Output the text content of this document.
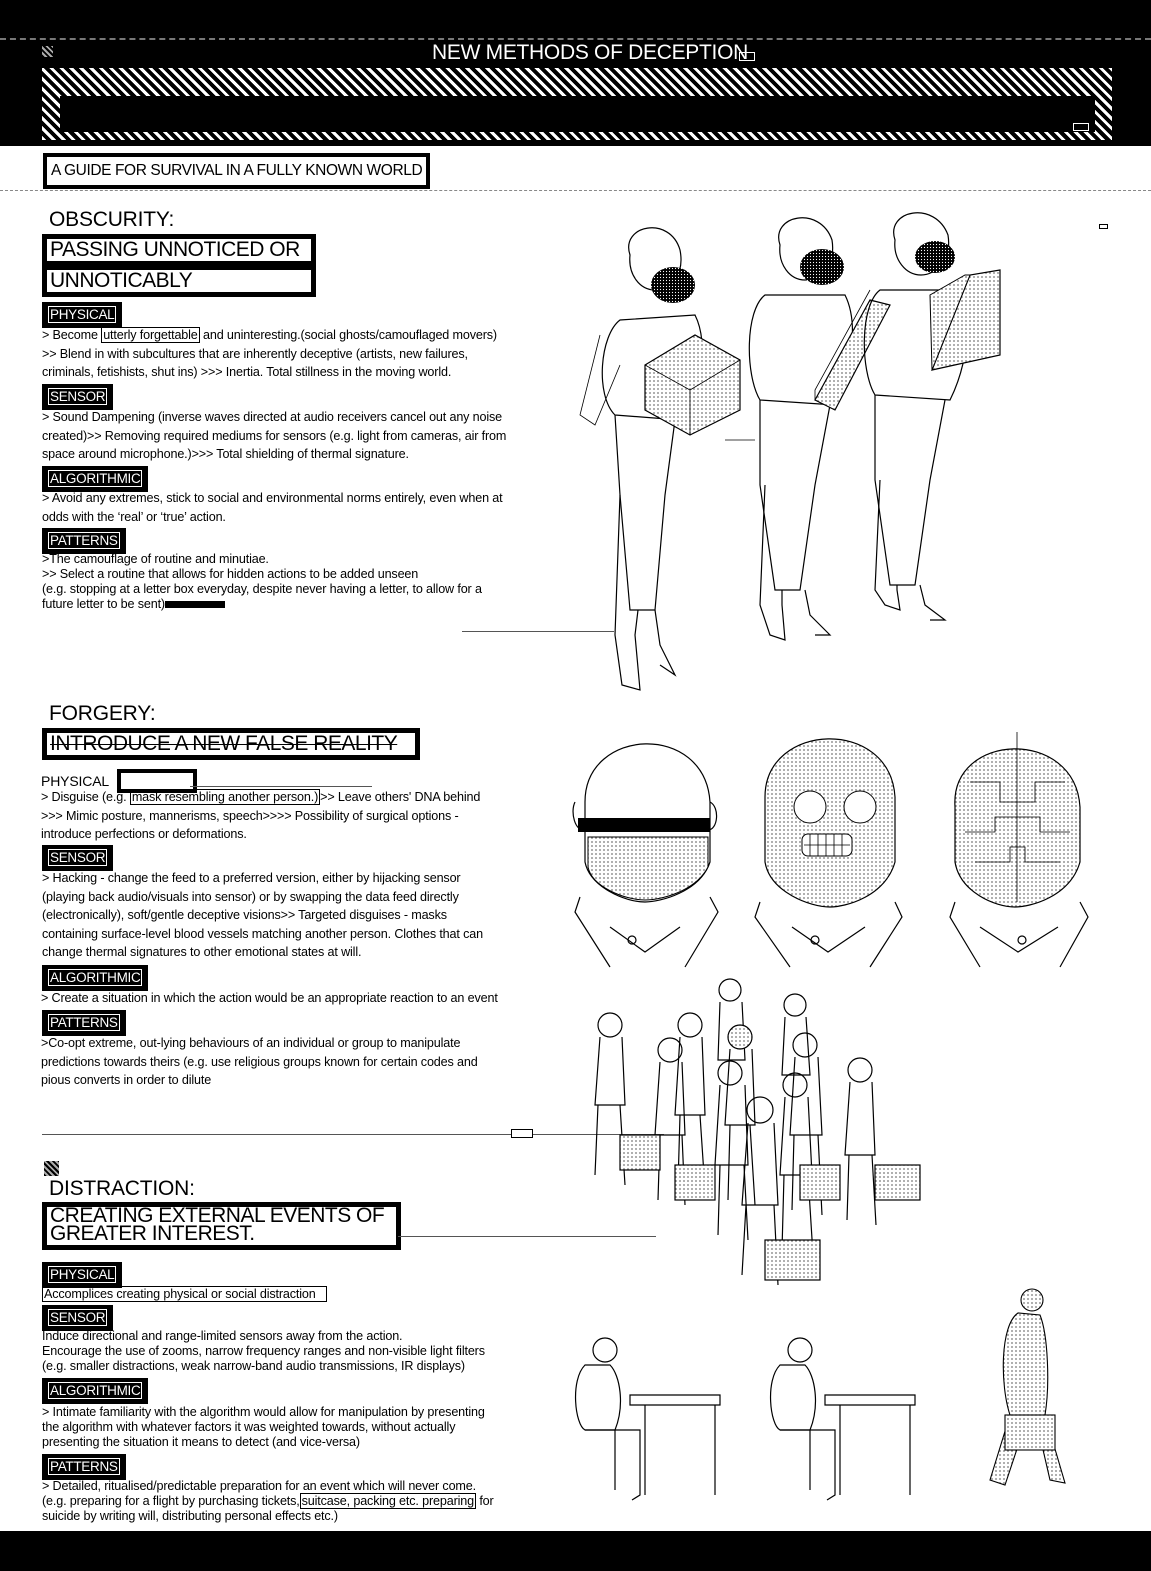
NEW METHODS OF DECEPTION
A GUIDE FOR SURVIVAL IN A FULLY KNOWN WORLD
OBSCURITY:
PASSING UNNOTICED OR
UNNOTICABLY
PHYSICAL
> Become utterly forgettable and uninteresting.(social ghosts/camouflaged movers)
>> Blend in with subcultures that are inherently deceptive (artists, new failures,
criminals, fetishists, shut ins) >>> Inertia. Total stillness in the moving world.
SENSOR
> Sound Dampening (inverse waves directed at audio receivers cancel out any noise
created)>> Removing required mediums for sensors (e.g. light from cameras, air from
space around microphone.)>>> Total shielding of thermal signature.
ALGORITHMIC
> Avoid any extremes, stick to social and environmental norms entirely, even when at
odds with the ‘real’ or ‘true’ action.
PATTERNS
>The camouflage of routine and minutiae.
>> Select a routine that allows for hidden actions to be added unseen
(e.g. stopping at a letter box everyday, despite never having a letter, to allow for a
future letter to be sent)
FORGERY:
INTRODUCE A NEW FALSE REALITY
PHYSICAL
> Disguise (e.g. mask resembling another person.) >> Leave others' DNA behind
>>> Mimic posture, mannerisms, speech>>>> Possibility of surgical options -
introduce perfections or deformations.
SENSOR
> Hacking - change the feed to a preferred version, either by hijacking sensor
(playing back audio/visuals into sensor) or by swapping the data feed directly
(electronically), soft/gentle deceptive visions>> Targeted disguises - masks
containing surface-level blood vessels matching another person. Clothes that can
change thermal signatures to other emotional states at will.
ALGORITHMIC
> Create a situation in which the action would be an appropriate reaction to an event
PATTERNS
>Co-opt extreme, out-lying behaviours of an individual or group to manipulate
predictions towards theirs (e.g. use religious groups known for certain codes and
pious converts in order to dilute
DISTRACTION:
CREATING EXTERNAL EVENTS OF
GREATER INTEREST.
PHYSICAL
Accomplices creating physical or social distraction
SENSOR
Induce directional and range-limited sensors away from the action.
Encourage the use of zooms, narrow frequency ranges and non-visible light filters
(e.g. smaller distractions, weak narrow-band audio transmissions, IR displays)
ALGORITHMIC
> Intimate familiarity with the algorithm would allow for manipulation by presenting
the algorithm with whatever factors it was weighted towards, without actually
presenting the situation it means to detect (and vice-versa)
PATTERNS
> Detailed, ritualised/predictable preparation for an event which will never come.
(e.g. preparing for a flight by purchasing tickets, suitcase, packing etc. preparing for
suicide by writing will, distributing personal effects etc.)
